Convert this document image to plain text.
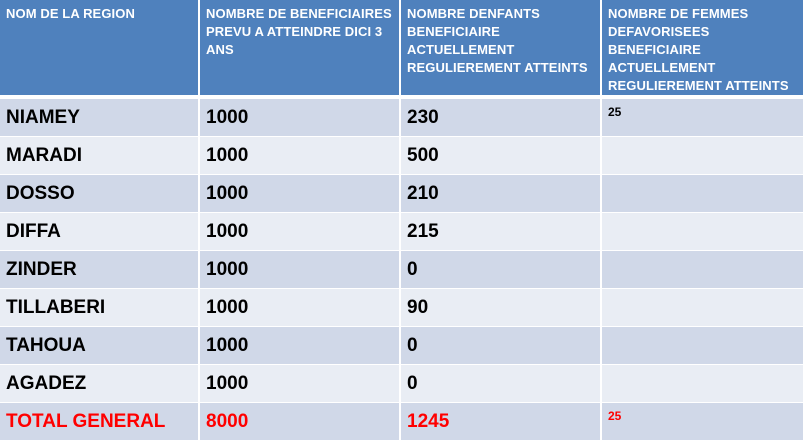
NOM DE LA REGION	NOMBRE DE BENEFICIAIRES PREVU A ATTEINDRE DICI 3 ANS	NOMBRE DENFANTS BENEFICIAIRE ACTUELLEMENT REGULIEREMENT ATTEINTS	NOMBRE DE FEMMES DEFAVORISEES BENEFICIAIRE ACTUELLEMENT REGULIEREMENT ATTEINTS
NIAMEY	1000	230	25
MARADI	1000	500	
DOSSO	1000	210	
DIFFA	1000	215	
ZINDER	1000	0	
TILLABERI	1000	90	
TAHOUA	1000	0	
AGADEZ	1000	0	
TOTAL GENERAL	8000	1245	25
